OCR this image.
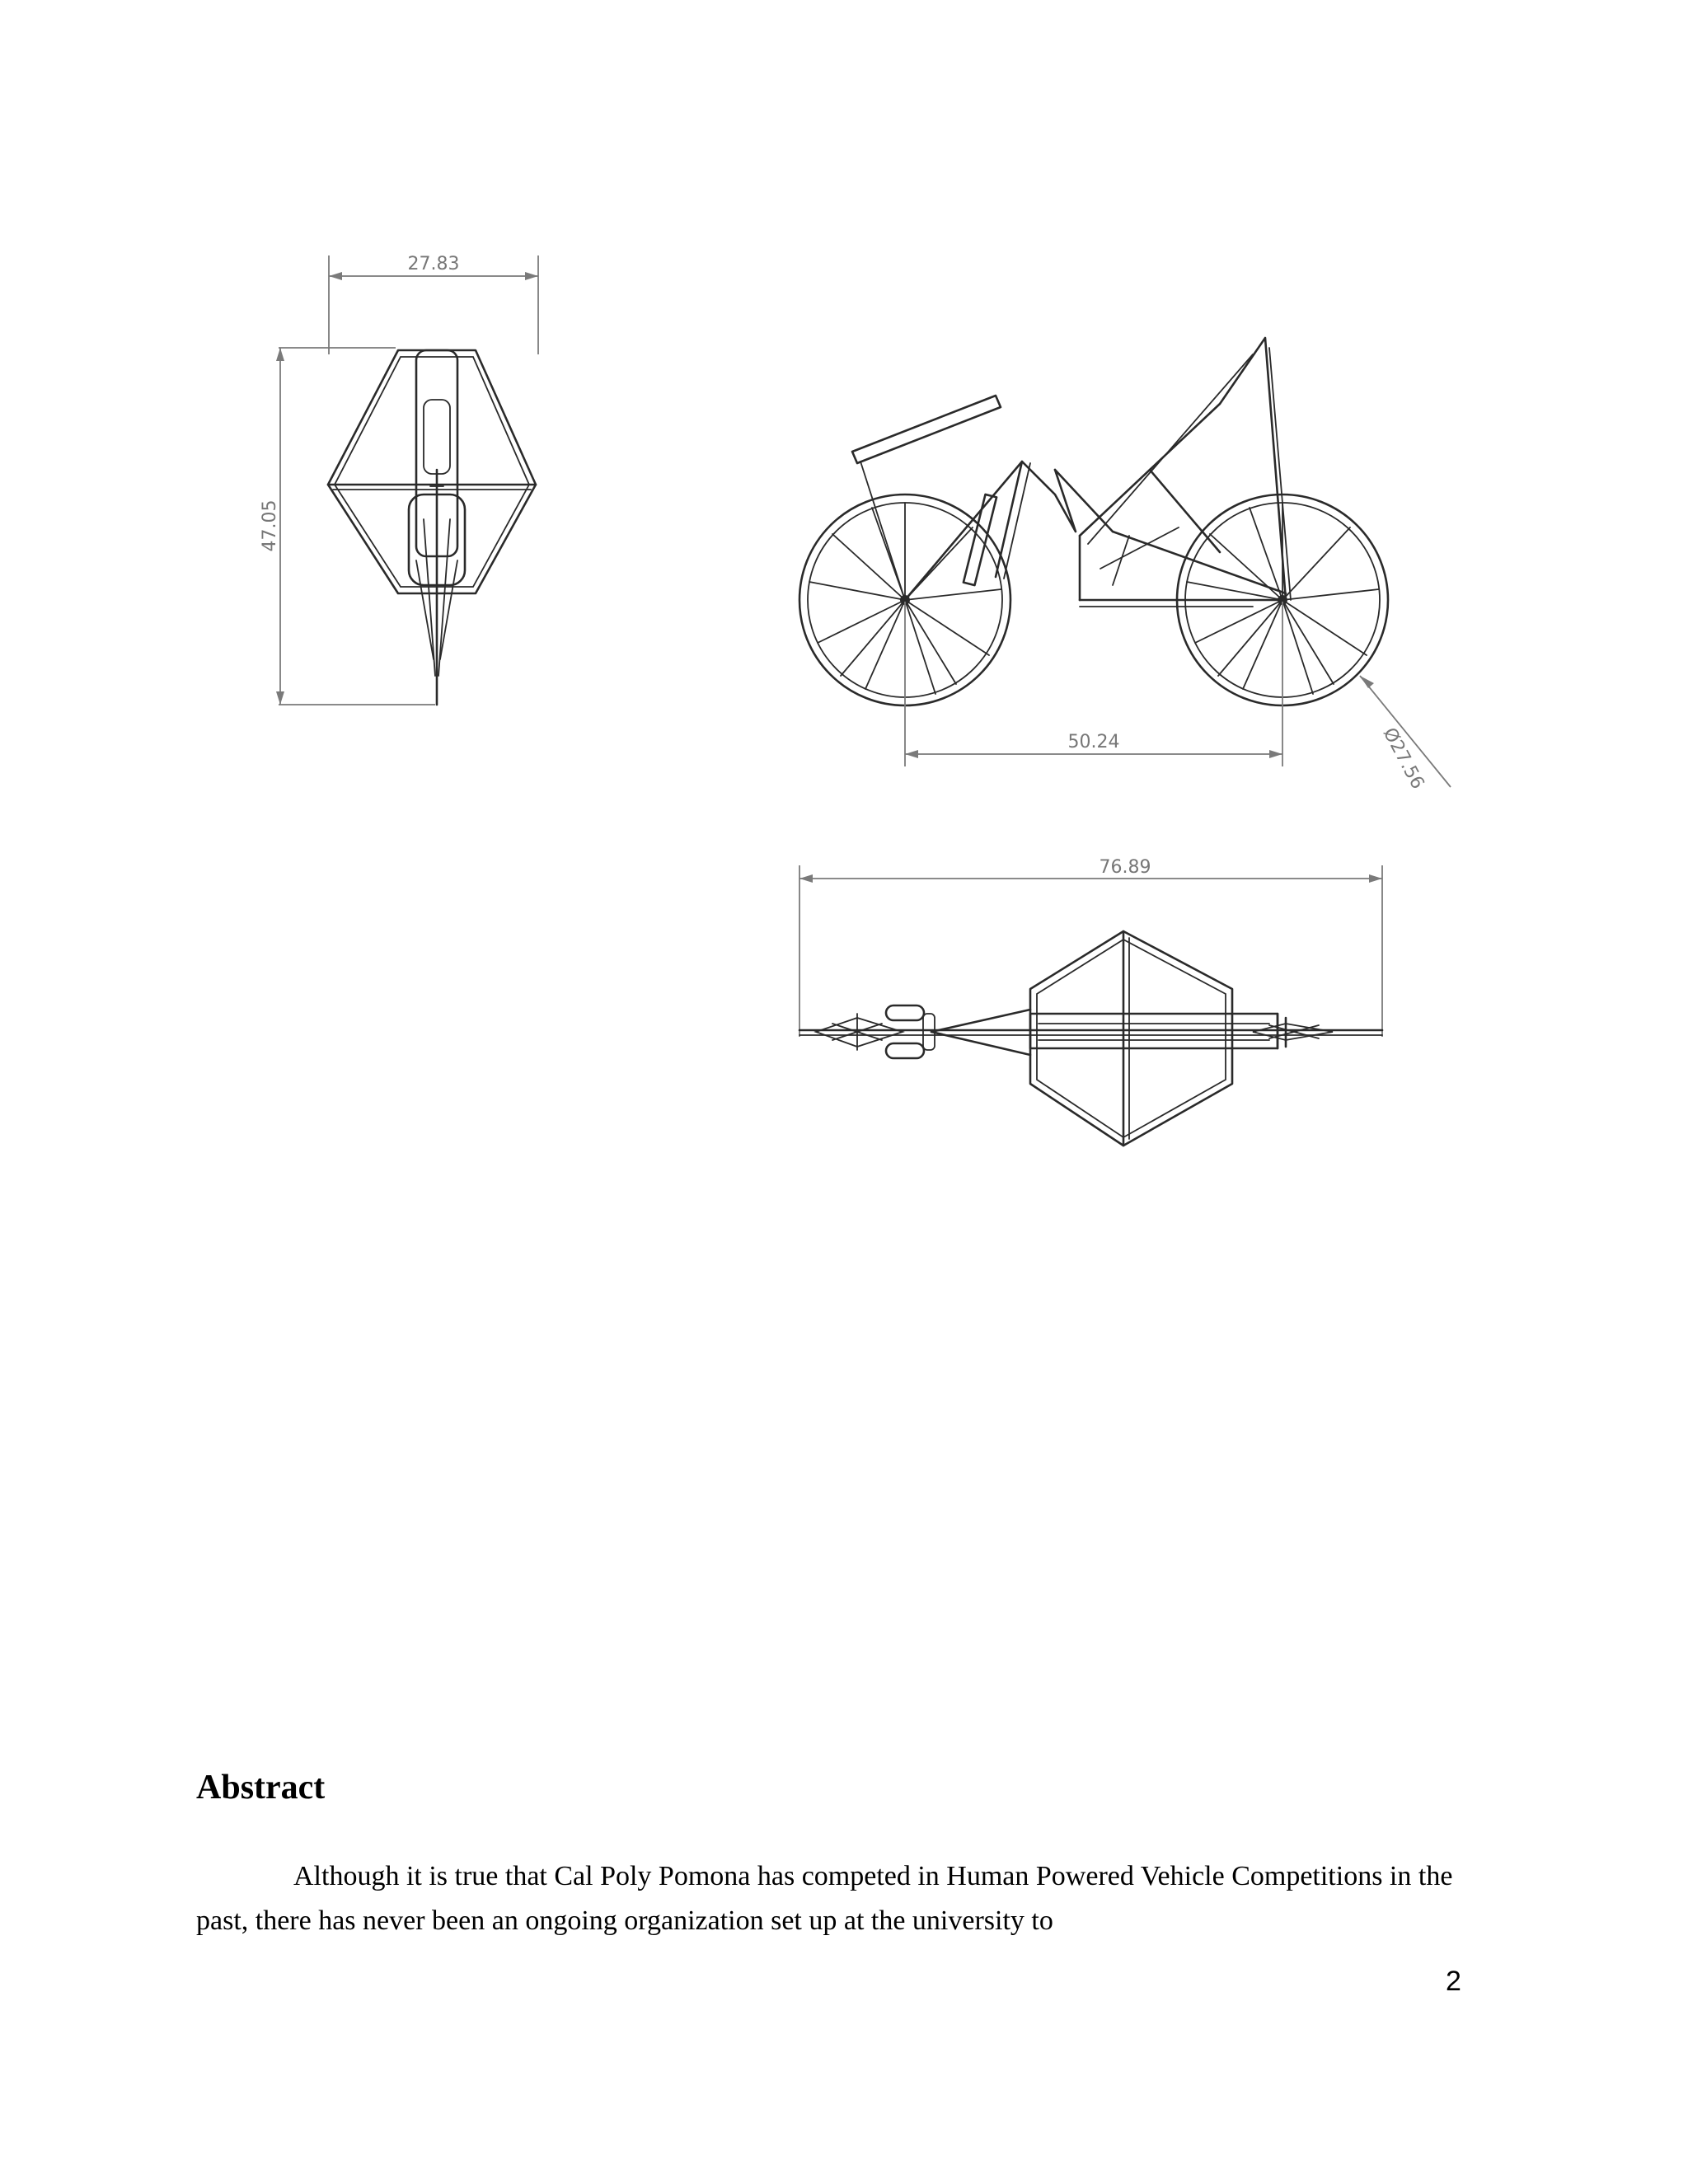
27.83
47.05
50.24	Ø27.56
76.89
Abstract

Although it is true that Cal Poly Pomona has competed in Human Powered Vehicle Competitions in the past, there has never been an ongoing organization set up at the university to

2
